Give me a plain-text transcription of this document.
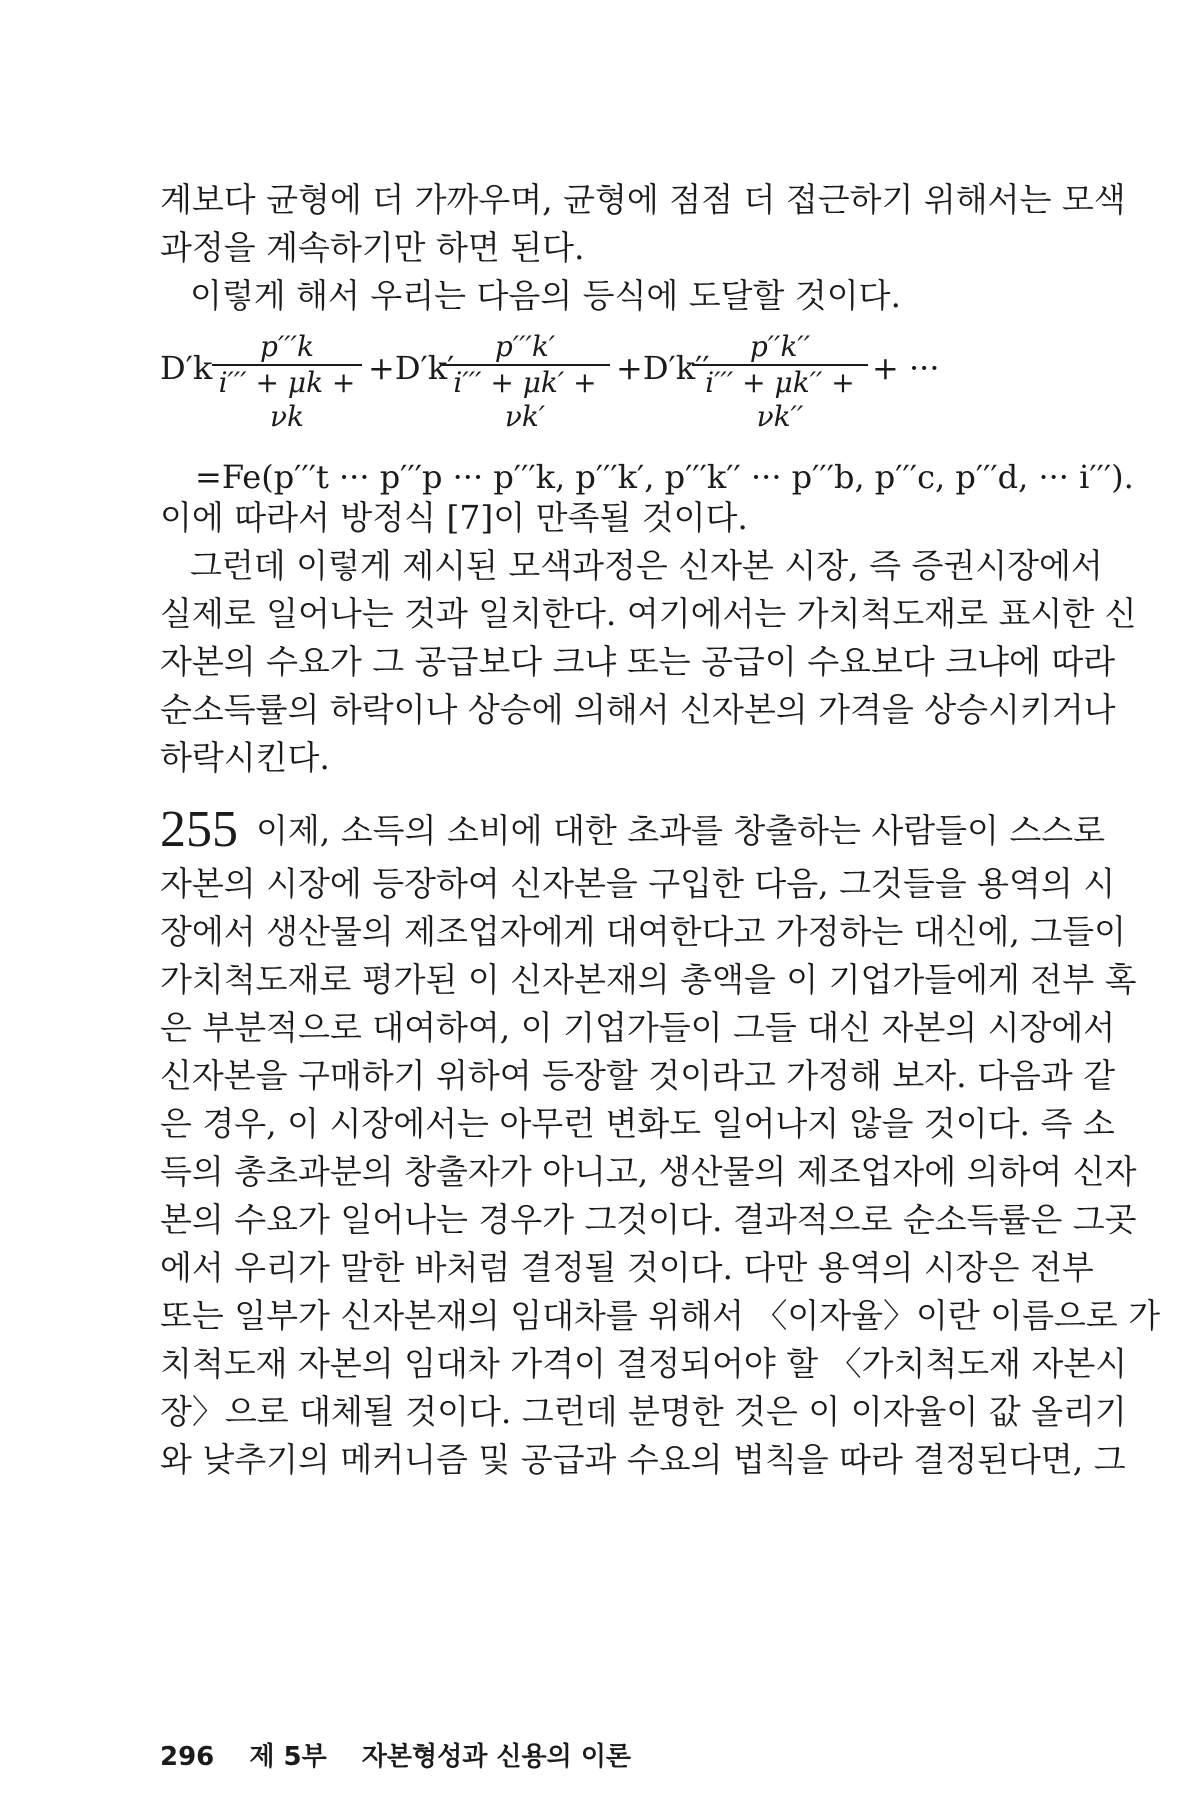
계보다 균형에 더 가까우며, 균형에 점점 더 접근하기 위해서는 모색
과정을 계속하기만 하면 된다.
이렇게 해서 우리는 다음의 등식에 도달할 것이다.
$D'k \frac{p'''k}{i''' + \mu k + \nu k} +D'k'$
$\frac{p'''k'}{i''' + \mu k' + \nu k'} +D'k''$
$\frac{p''k''}{i''' + \mu k'' + \nu k''}$ + ···
=Fe(p′′′t ··· p′′′p ··· p′′′k, p′′′k′, p′′′k′′ ··· p′′′b, p′′′c, p′′′d, ··· i′′′).
이에 따라서 방정식 [7]이 만족될 것이다.
그런데 이렇게 제시된 모색과정은 신자본 시장, 즉 증권시장에서
실제로 일어나는 것과 일치한다. 여기에서는 가치척도재로 표시한 신
자본의 수요가 그 공급보다 크냐 또는 공급이 수요보다 크냐에 따라
순소득률의 하락이나 상승에 의해서 신자본의 가격을 상승시키거나
하락시킨다.
255 이제, 소득의 소비에 대한 초과를 창출하는 사람들이 스스로
자본의 시장에 등장하여 신자본을 구입한 다음, 그것들을 용역의 시
장에서 생산물의 제조업자에게 대여한다고 가정하는 대신에, 그들이
가치척도재로 평가된 이 신자본재의 총액을 이 기업가들에게 전부 혹
은 부분적으로 대여하여, 이 기업가들이 그들 대신 자본의 시장에서
신자본을 구매하기 위하여 등장할 것이라고 가정해 보자. 다음과 같
은 경우, 이 시장에서는 아무런 변화도 일어나지 않을 것이다. 즉 소
득의 총초과분의 창출자가 아니고, 생산물의 제조업자에 의하여 신자
본의 수요가 일어나는 경우가 그것이다. 결과적으로 순소득률은 그곳
에서 우리가 말한 바처럼 결정될 것이다. 다만 용역의 시장은 전부
또는 일부가 신자본재의 임대차를 위해서 〈이자율〉이란 이름으로 가
치척도재 자본의 임대차 가격이 결정되어야 할 〈가치척도재 자본시
장〉으로 대체될 것이다. 그런데 분명한 것은 이 이자율이 값 올리기
와 낮추기의 메커니즘 및 공급과 수요의 법칙을 따라 결정된다면, 그
296 제 5부 자본형성과 신용의 이론
